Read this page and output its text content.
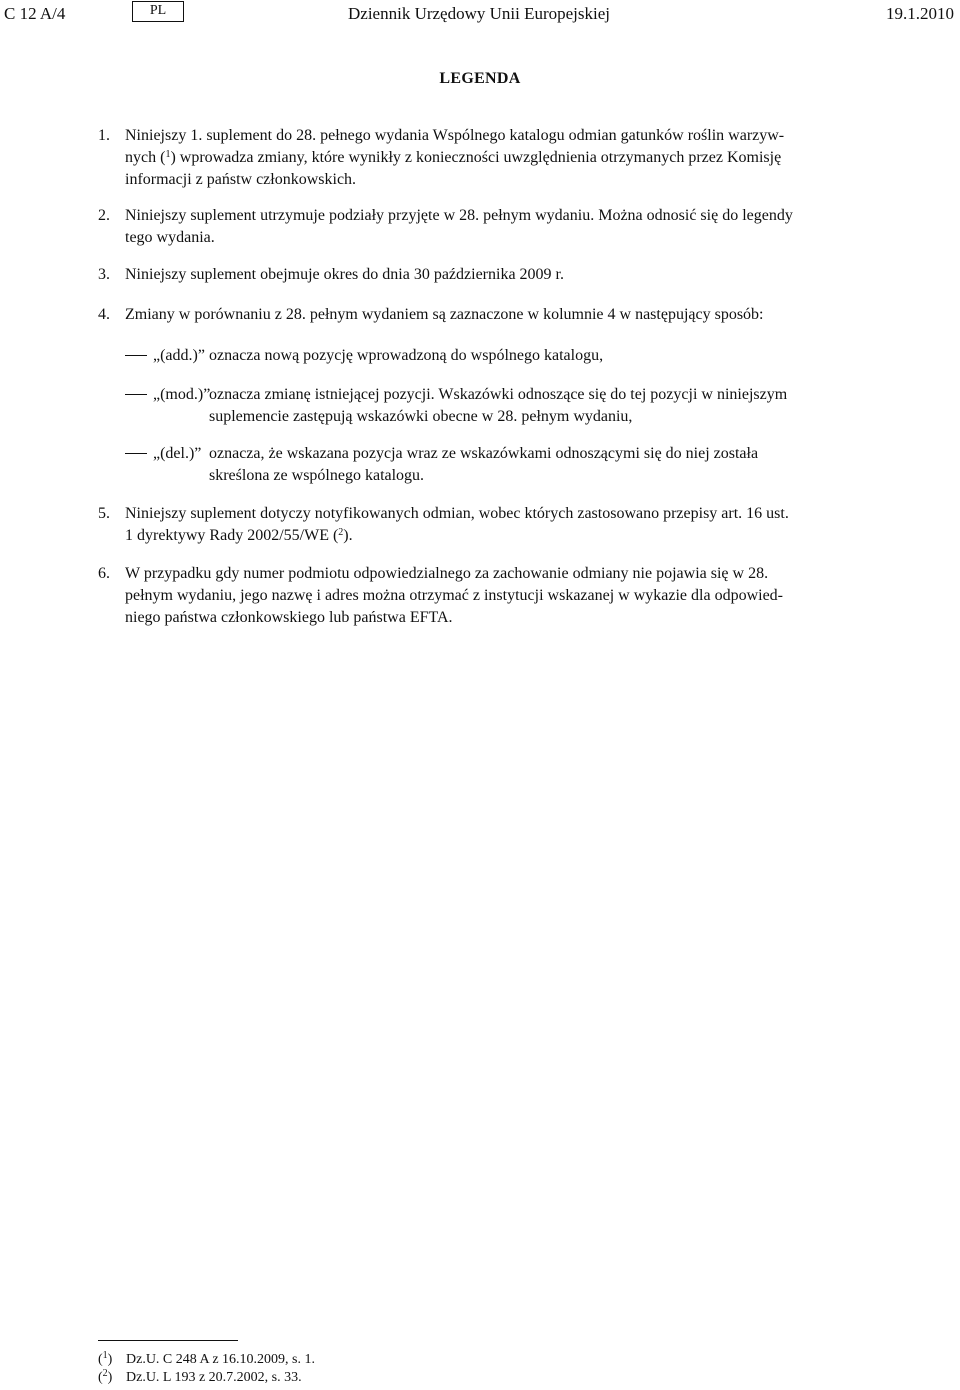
C 12 A/4	PL	Dziennik Urzędowy Unii Europejskiej	19.1.2010
LEGENDA
1. Niniejszy 1. suplement do 28. pełnego wydania Wspólnego katalogu odmian gatunków roślin warzyw-
nych ($^1$) wprowadza zmiany, które wynikły z konieczności uwzględnienia otrzymanych przez Komisję
informacji z państw członkowskich.
2. Niniejszy suplement utrzymuje podziały przyjęte w 28. pełnym wydaniu. Można odnosić się do legendy
tego wydania.
3. Niniejszy suplement obejmuje okres do dnia 30 października 2009 r.
4. Zmiany w porównaniu z 28. pełnym wydaniem są zaznaczone w kolumnie 4 w następujący sposób:
„(add.)” oznacza nową pozycję wprowadzoną do wspólnego katalogu,
„(mod.)”
oznacza zmianę istniejącej pozycji. Wskazówki odnoszące się do tej pozycji w niniejszym
suplemencie zastępują wskazówki obecne w 28. pełnym wydaniu,
„(del.)” oznacza, że wskazana pozycja wraz ze wskazówkami odnoszącymi się do niej została
skreślona ze wspólnego katalogu.
5. Niniejszy suplement dotyczy notyfikowanych odmian, wobec których zastosowano przepisy art. 16 ust.
1 dyrektywy Rady 2002/55/WE ($^2$).
6. W przypadku gdy numer podmiotu odpowiedzialnego za zachowanie odmiany nie pojawia się w 28.
pełnym wydaniu, jego nazwę i adres można otrzymać z instytucji wskazanej w wykazie dla odpowied-
niego państwa członkowskiego lub państwa EFTA.
($^1$) Dz.U. C 248 A z 16.10.2009, s. 1.
($^2$) Dz.U. L 193 z 20.7.2002, s. 33.
